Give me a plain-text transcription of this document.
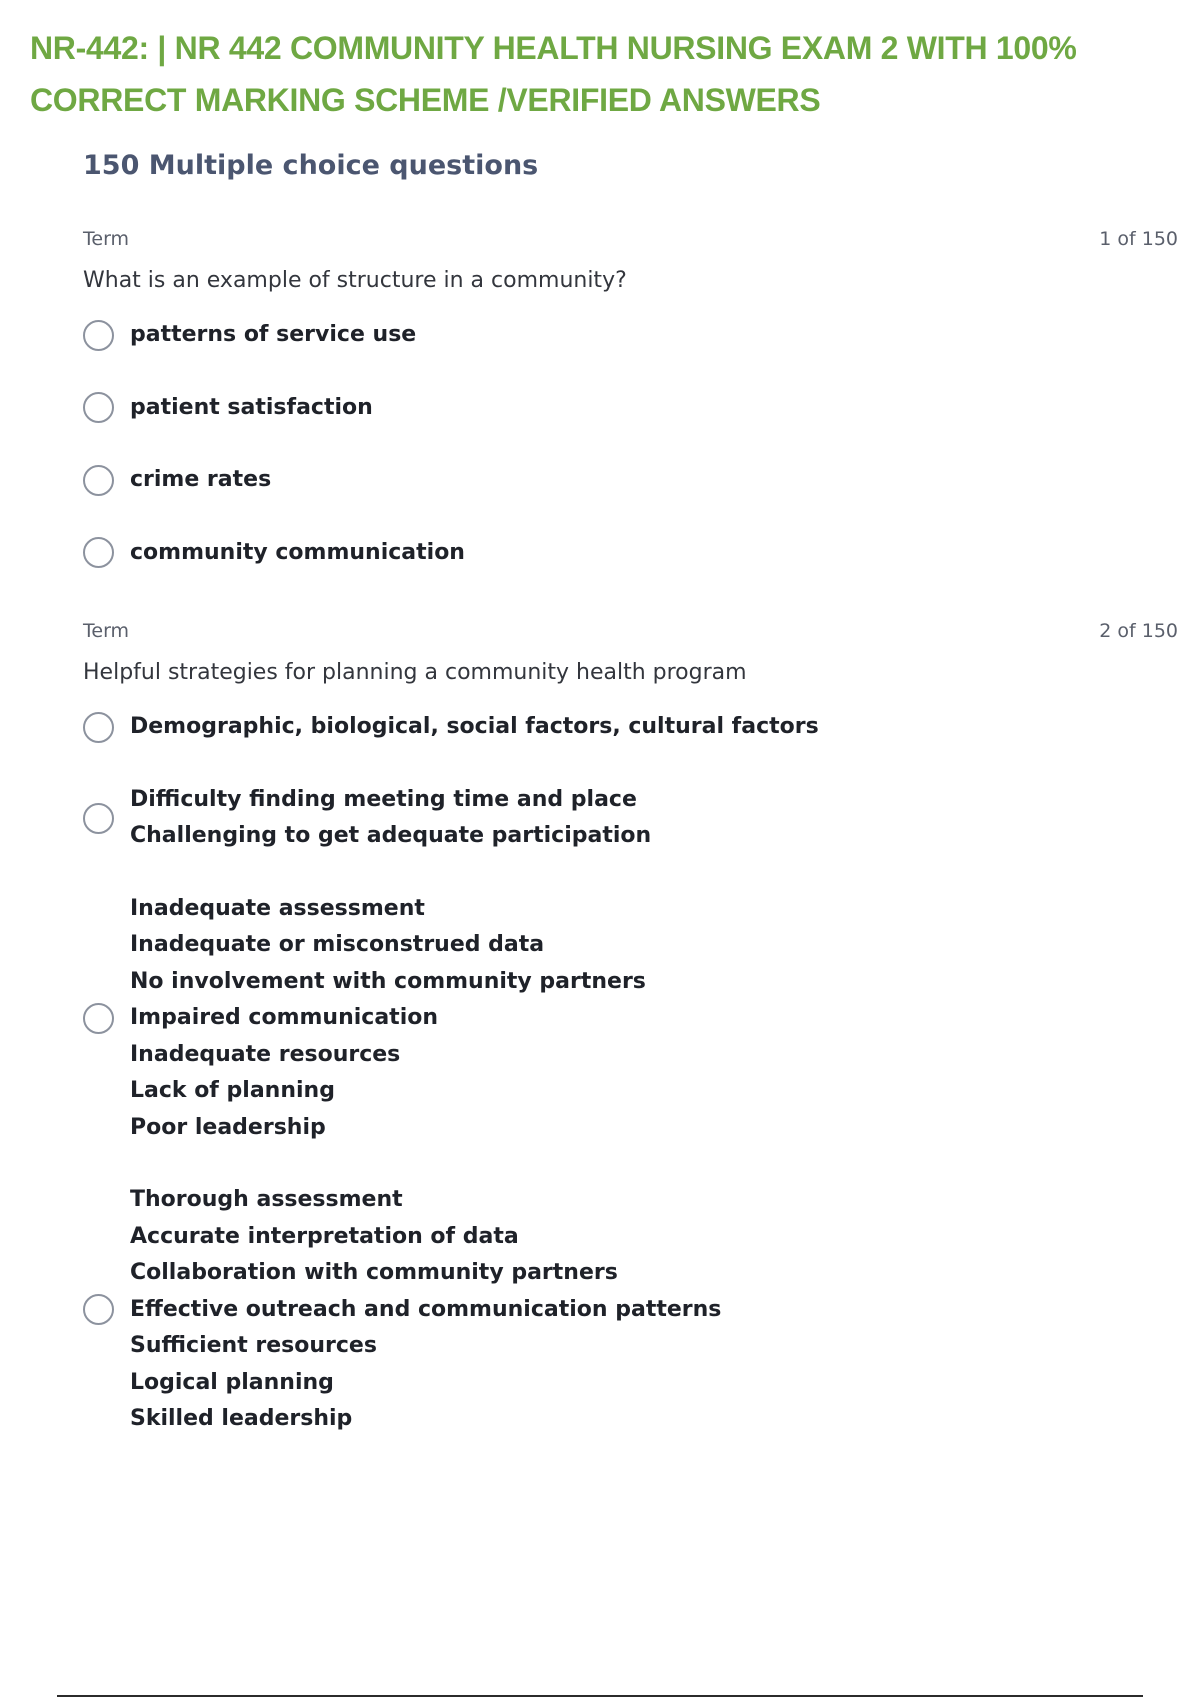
NR-442: | NR 442 COMMUNITY HEALTH NURSING EXAM 2 WITH 100% CORRECT MARKING SCHEME /VERIFIED ANSWERS
150 Multiple choice questions
Term	1 of 150
What is an example of structure in a community?
patterns of service use
patient satisfaction
crime rates
community communication
Term	2 of 150
Helpful strategies for planning a community health program
Demographic, biological, social factors, cultural factors
Difficulty finding meeting time and place
Challenging to get adequate participation
Inadequate assessment
Inadequate or misconstrued data
No involvement with community partners
Impaired communication
Inadequate resources
Lack of planning
Poor leadership
Thorough assessment
Accurate interpretation of data
Collaboration with community partners
Effective outreach and communication patterns
Sufficient resources
Logical planning
Skilled leadership
